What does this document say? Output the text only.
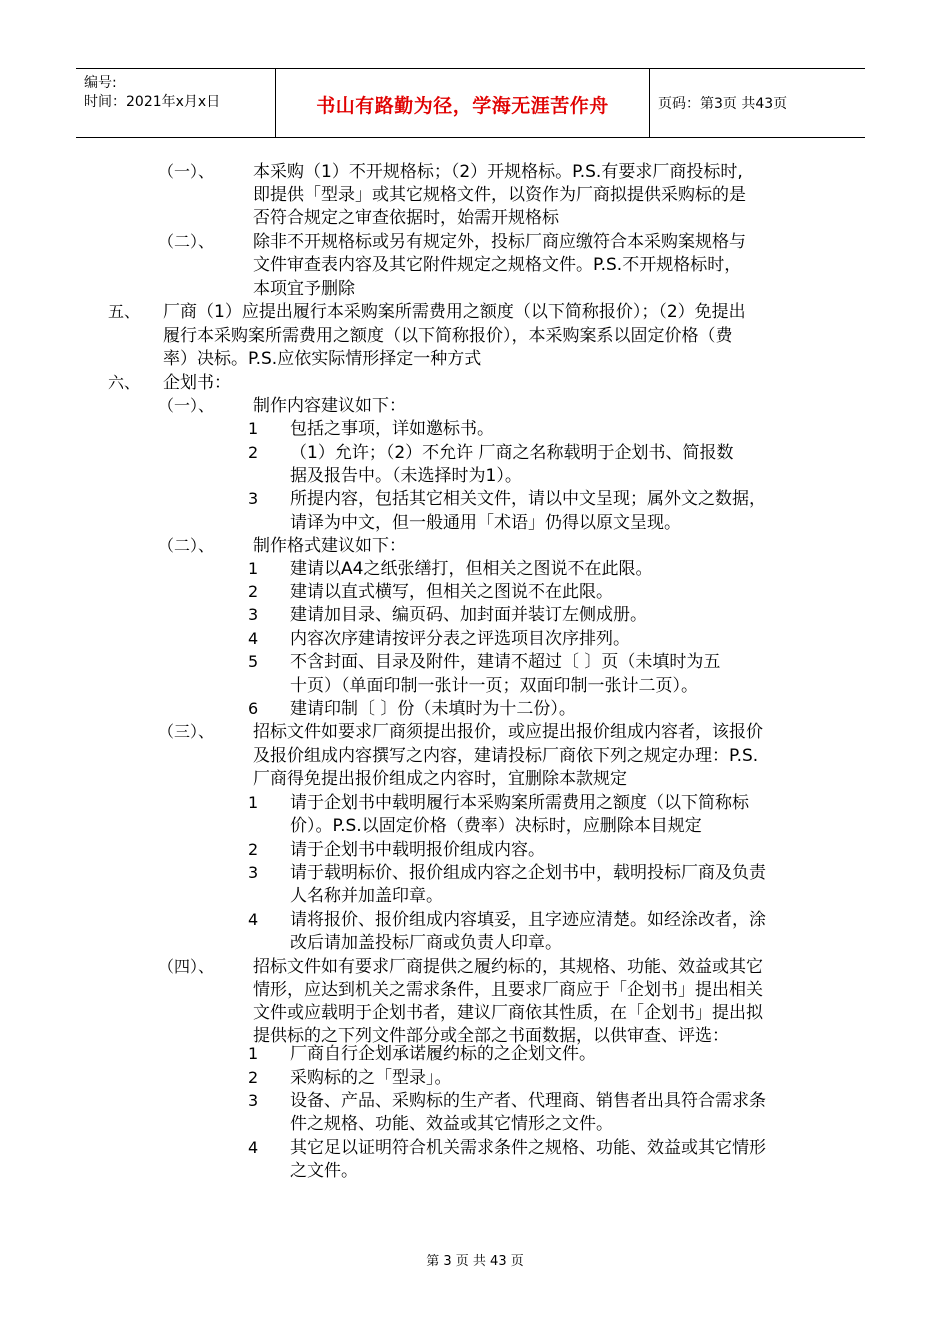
编号:
时间：2021年x月x日	书山有路勤为径，学海无涯苦作舟	页码：第3页 共43页
（一）、
（二）、
五、
六、
（一）、
（二）、
（三）、
（四）、
1
2
3
1
2
3
4
5
6
1
2
3
4
1
2
3
4
本采购（1）不开规格标；（2）开规格标。P.S.有要求厂商投标时,
即提供「型录」或其它规格文件，以资作为厂商拟提供采购标的是
否符合规定之审查依据时，始需开规格标
除非不开规格标或另有规定外，投标厂商应缴符合本采购案规格与
文件审查表内容及其它附件规定之规格文件。P.S.不开规格标时，
本项宜予删除
厂商（1）应提出履行本采购案所需费用之额度（以下简称报价）；（2）免提出
履行本采购案所需费用之额度（以下简称报价），本采购案系以固定价格（费
率）决标。P.S.应依实际情形择定一种方式
企划书：
制作内容建议如下：
包括之事项，详如邀标书。
（1）允许；（2）不允许 厂商之名称载明于企划书、简报数
据及报告中。（未选择时为1）。
所提内容，包括其它相关文件，请以中文呈现；属外文之数据，
请译为中文，但一般通用「术语」仍得以原文呈现。
制作格式建议如下：
建请以A4之纸张缮打，但相关之图说不在此限。
建请以直式横写，但相关之图说不在此限。
建请加目录、编页码、加封面并装订左侧成册。
内容次序建请按评分表之评选项目次序排列。
不含封面、目录及附件，建请不超过〔 〕页（未填时为五
十页）（单面印制一张计一页；双面印制一张计二页）。
建请印制〔 〕份（未填时为十二份）。
招标文件如要求厂商须提出报价，或应提出报价组成内容者，该报价
及报价组成内容撰写之内容，建请投标厂商依下列之规定办理：P.S.
厂商得免提出报价组成之内容时，宜删除本款规定
请于企划书中载明履行本采购案所需费用之额度（以下简称标
价）。P.S.以固定价格（费率）决标时，应删除本目规定
请于企划书中载明报价组成内容。
请于载明标价、报价组成内容之企划书中，载明投标厂商及负责
人名称并加盖印章。
请将报价、报价组成内容填妥，且字迹应清楚。如经涂改者，涂
改后请加盖投标厂商或负责人印章。
招标文件如有要求厂商提供之履约标的，其规格、功能、效益或其它
情形，应达到机关之需求条件，且要求厂商应于「企划书」提出相关
文件或应载明于企划书者，建议厂商依其性质，在「企划书」提出拟
提供标的之下列文件部分或全部之书面数据，以供审查、评选：
厂商自行企划承诺履约标的之企划文件。
采购标的之「型录」。
设备、产品、采购标的生产者、代理商、销售者出具符合需求条
件之规格、功能、效益或其它情形之文件。
其它足以证明符合机关需求条件之规格、功能、效益或其它情形
之文件。
第 3 页 共 43 页
